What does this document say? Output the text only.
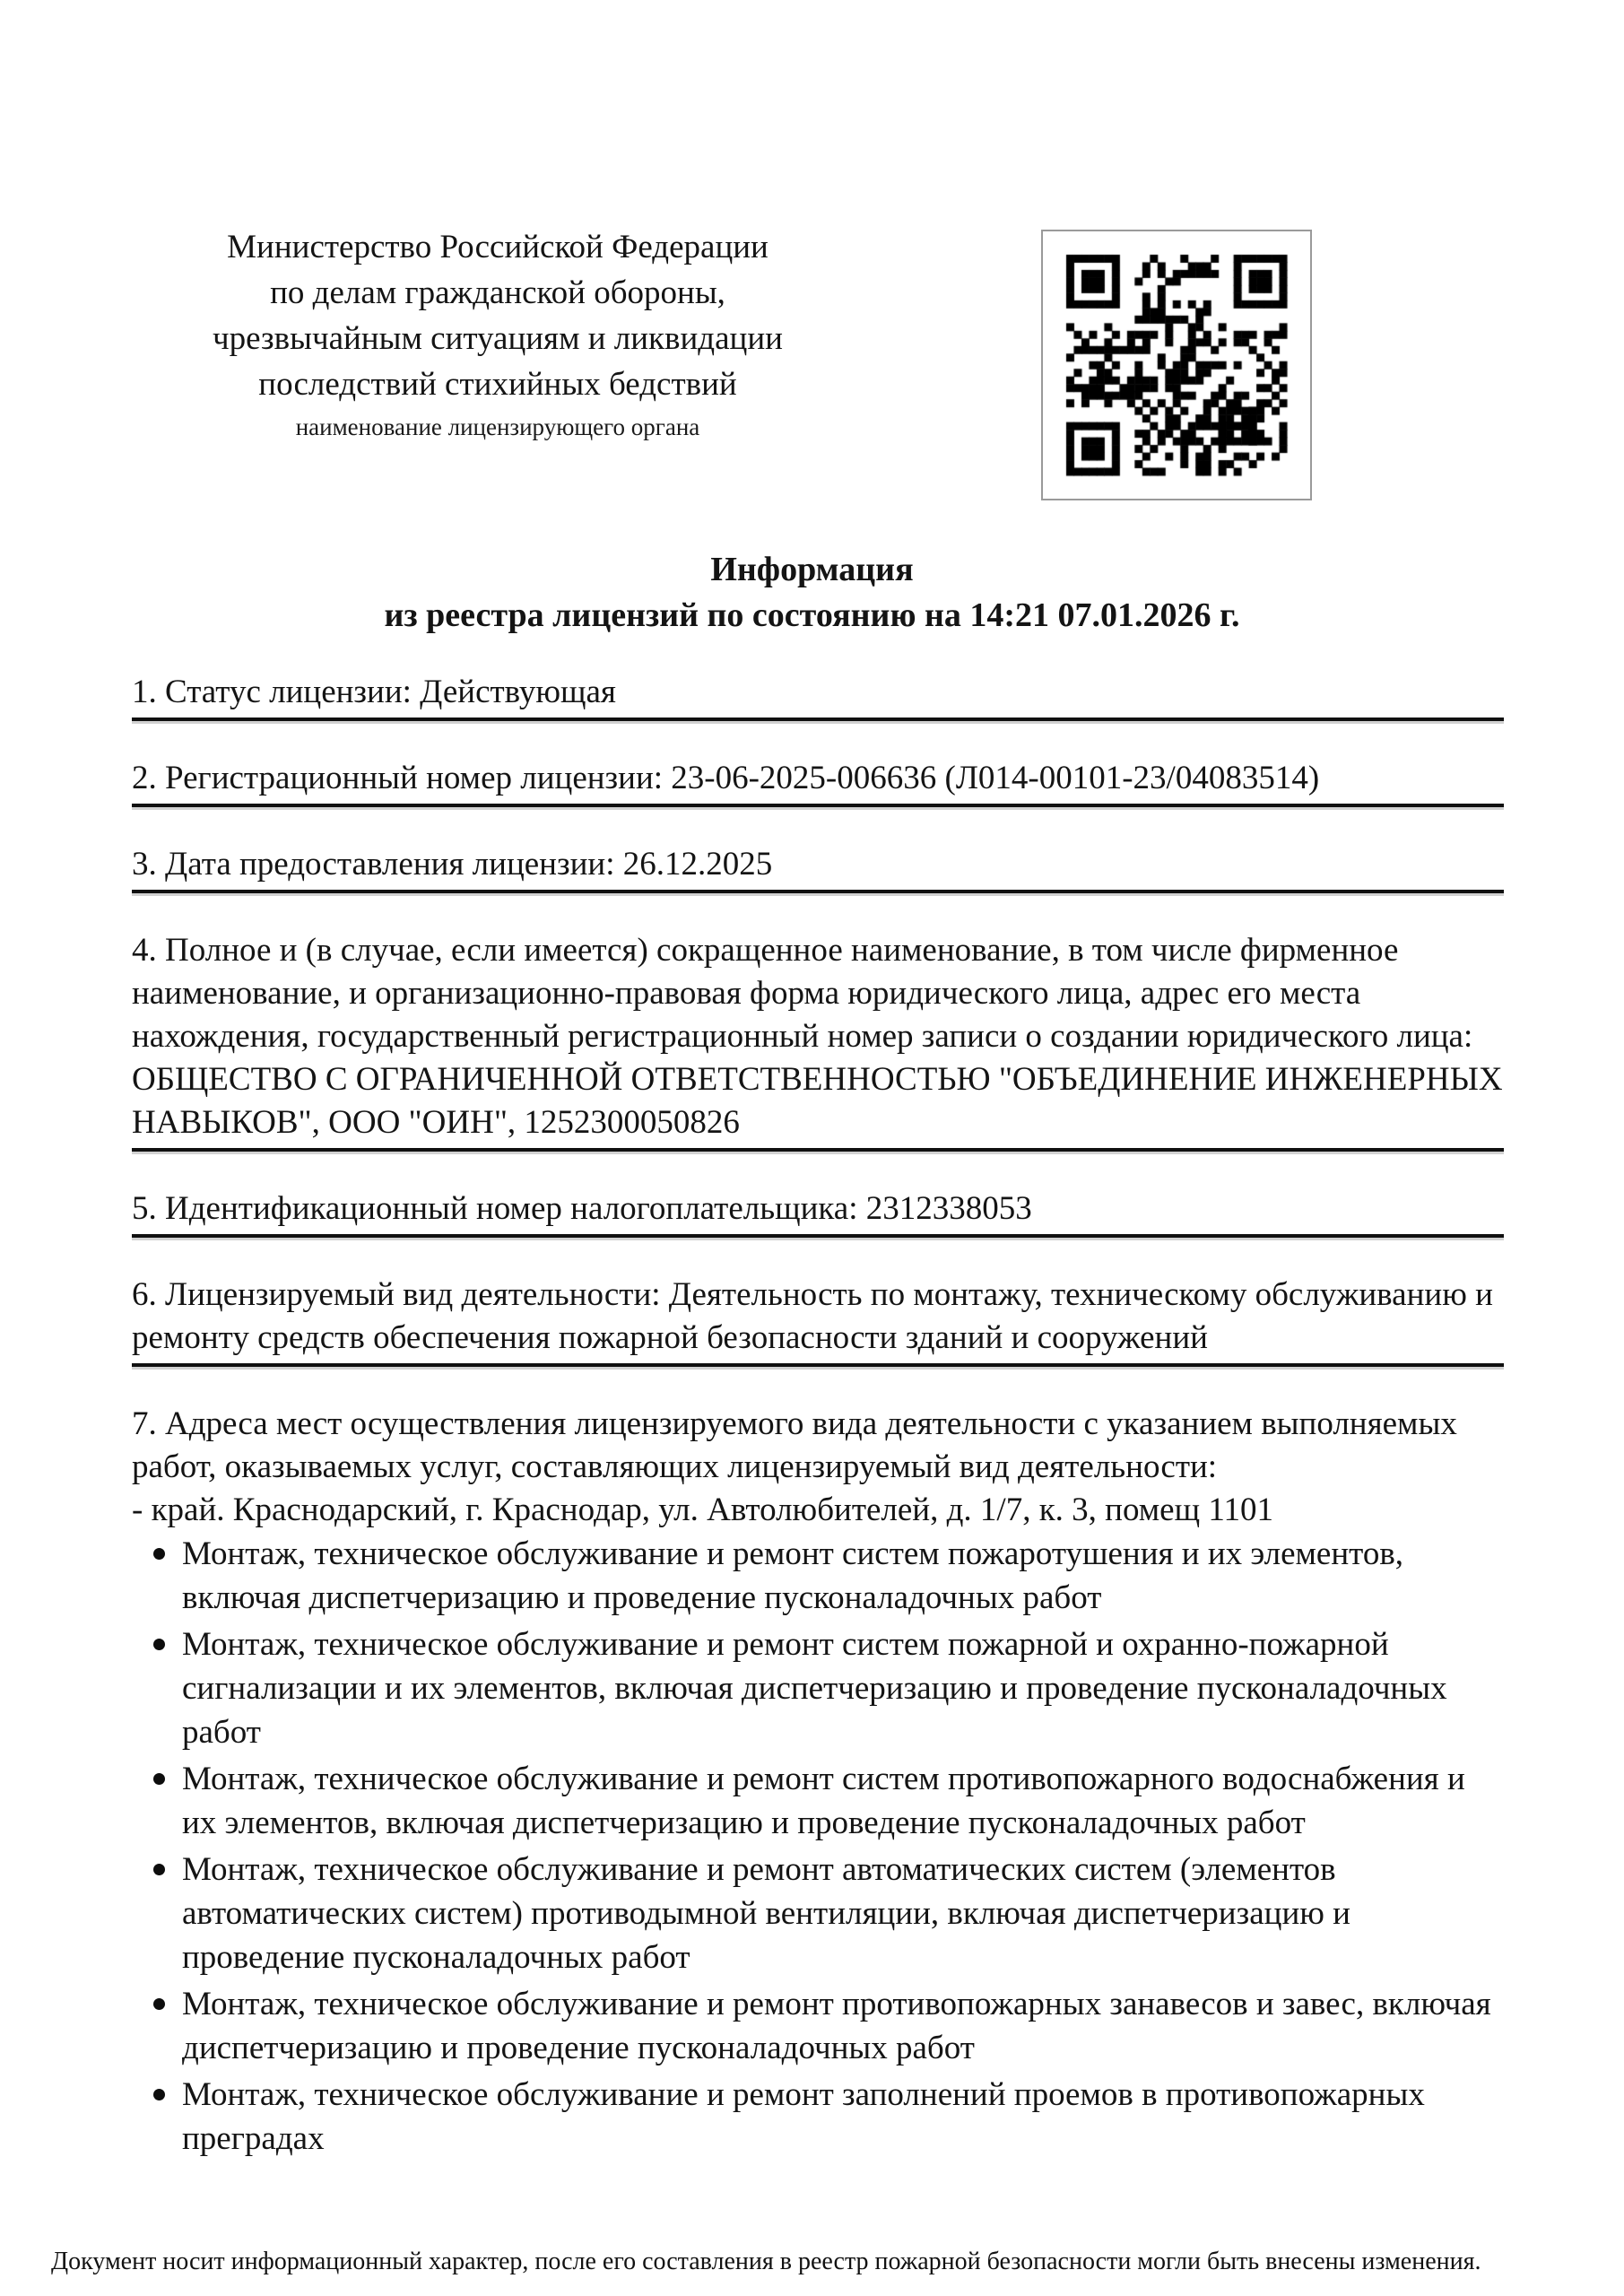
Министерство Российской Федерации
по делам гражданской обороны,
чрезвычайным ситуациям и ликвидации
последствий стихийных бедствий
наименование лицензирующего органа
Информация
из реестра лицензий по состоянию на 14:21 07.01.2026 г.
1. Статус лицензии: Действующая
2. Регистрационный номер лицензии: 23-06-2025-006636 (Л014-00101-23/04083514)
3. Дата предоставления лицензии: 26.12.2025
4. Полное и (в случае, если имеется) сокращенное наименование, в том числе фирменное наименование, и организационно-правовая форма юридического лица, адрес его места нахождения, государственный регистрационный номер записи о создании юридического лица: ОБЩЕСТВО С ОГРАНИЧЕННОЙ ОТВЕТСТВЕННОСТЬЮ "ОБЪЕДИНЕНИЕ ИНЖЕНЕРНЫХ НАВЫКОВ", ООО "ОИН", 1252300050826
5. Идентификационный номер налогоплательщика: 2312338053
6. Лицензируемый вид деятельности: Деятельность по монтажу, техническому обслуживанию и ремонту средств обеспечения пожарной безопасности зданий и сооружений
7. Адреса мест осуществления лицензируемого вида деятельности с указанием выполняемых работ, оказываемых услуг, составляющих лицензируемый вид деятельности:
- край. Краснодарский, г. Краснодар, ул. Автолюбителей, д. 1/7, к. 3, помещ 1101
Монтаж, техническое обслуживание и ремонт систем пожаротушения и их элементов, включая диспетчеризацию и проведение пусконаладочных работ
Монтаж, техническое обслуживание и ремонт систем пожарной и охранно-пожарной сигнализации и их элементов, включая диспетчеризацию и проведение пусконаладочных работ
Монтаж, техническое обслуживание и ремонт систем противопожарного водоснабжения и их элементов, включая диспетчеризацию и проведение пусконаладочных работ
Монтаж, техническое обслуживание и ремонт автоматических систем (элементов автоматических систем) противодымной вентиляции, включая диспетчеризацию и проведение пусконаладочных работ
Монтаж, техническое обслуживание и ремонт противопожарных занавесов и завес, включая диспетчеризацию и проведение пусконаладочных работ
Монтаж, техническое обслуживание и ремонт заполнений проемов в противопожарных преградах
Документ носит информационный характер, после его составления в реестр пожарной безопасности могли быть внесены изменения.
